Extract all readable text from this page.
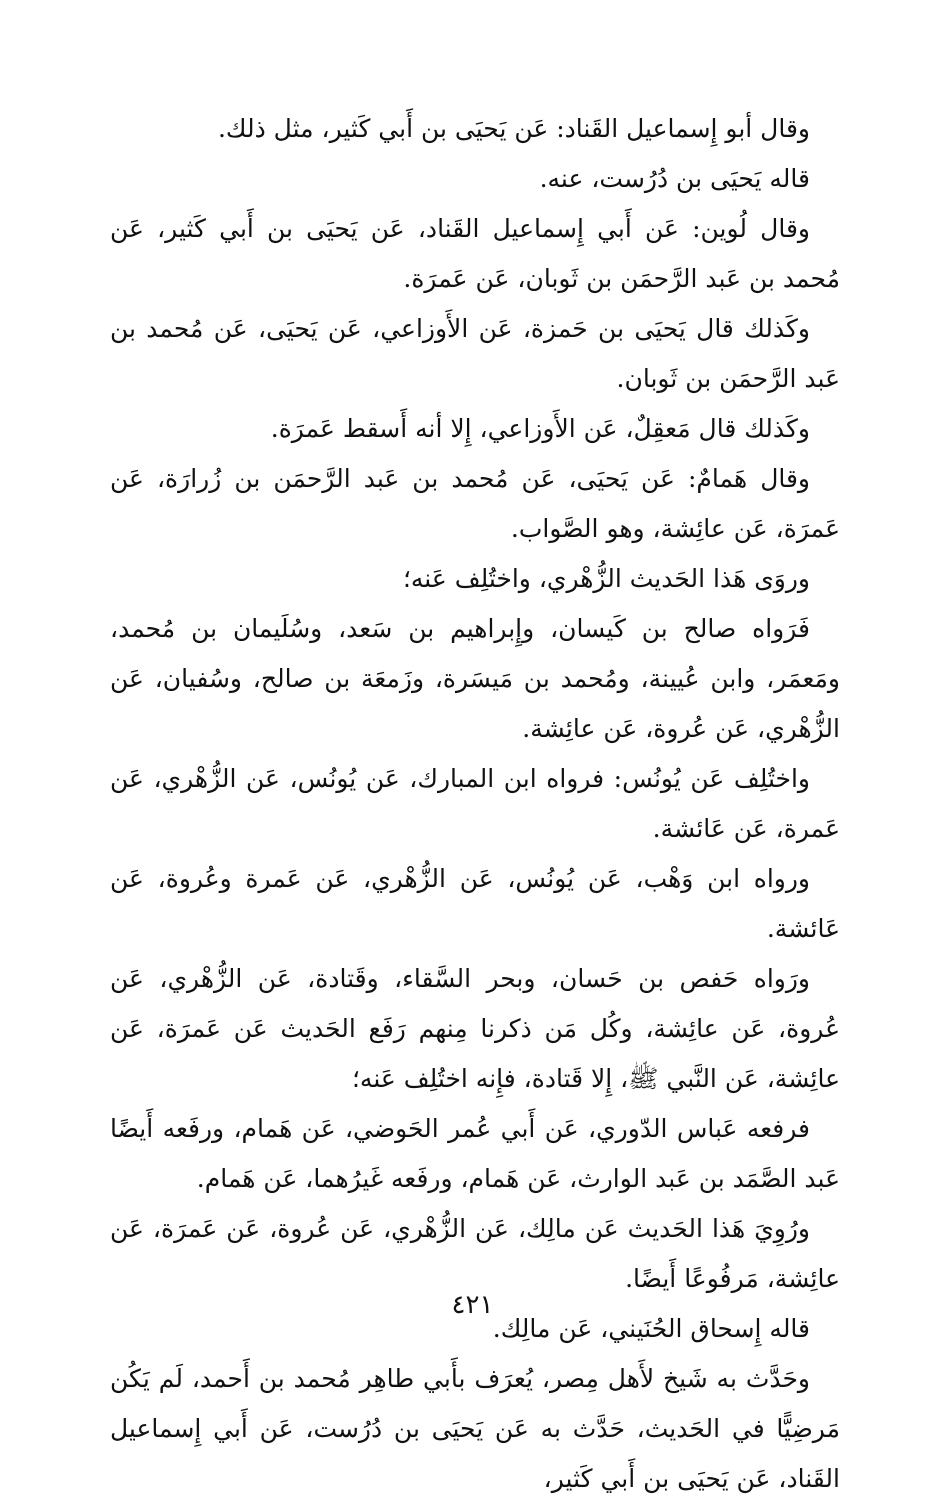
وقال أبو إِسماعيل القَناد: عَن يَحيَى بن أَبي كَثير، مثل ذلك.

قاله يَحيَى بن دُرُست، عنه.

وقال لُوين: عَن أَبي إِسماعيل القَناد، عَن يَحيَى بن أَبي كَثير، عَن مُحمد بن عَبد الرَّحمَن بن ثَوبان، عَن عَمرَة.

وكَذلك قال يَحيَى بن حَمزة، عَن الأَوزاعي، عَن يَحيَى، عَن مُحمد بن عَبد الرَّحمَن بن ثَوبان.

وكَذلك قال مَعقِلٌ، عَن الأَوزاعي، إِلا أنه أَسقط عَمرَة.

وقال هَمامٌ: عَن يَحيَى، عَن مُحمد بن عَبد الرَّحمَن بن زُرارَة، عَن عَمرَة، عَن عائِشة، وهو الصَّواب.

وروَى هَذا الحَديث الزُّهْري، واختُلِف عَنه؛

فَرَواه صالح بن كَيسان، وإِبراهيم بن سَعد، وسُلَيمان بن مُحمد، ومَعمَر، وابن عُيينة، ومُحمد بن مَيسَرة، وزَمعَة بن صالح، وسُفيان، عَن الزُّهْري، عَن عُروة، عَن عائِشة.

واختُلِف عَن يُونُس: فرواه ابن المبارك، عَن يُونُس، عَن الزُّهْري، عَن عَمرة، عَن عَائشة.

ورواه ابن وَهْب، عَن يُونُس، عَن الزُّهْري، عَن عَمرة وعُروة، عَن عَائشة.

ورَواه حَفص بن حَسان، وبحر السَّقاء، وقَتادة، عَن الزُّهْري، عَن عُروة، عَن عائِشة، وكُل مَن ذكرنا مِنهم رَفَع الحَديث عَن عَمرَة، عَن عائِشة، عَن النَّبي ﷺ، إِلا قَتادة، فإِنه اختُلِف عَنه؛

فرفعه عَباس الدّوري، عَن أَبي عُمر الحَوضي، عَن هَمام، ورفَعه أَيضًا عَبد الصَّمَد بن عَبد الوارث، عَن هَمام، ورفَعه غَيرُهما، عَن هَمام.

ورُوِيَ هَذا الحَديث عَن مالِك، عَن الزُّهْري، عَن عُروة، عَن عَمرَة، عَن عائِشة، مَرفُوعًا أَيضًا.

قاله إِسحاق الحُنَيني، عَن مالِك.

وحَدَّث به شَيخ لأَهل مِصر، يُعرَف بأَبي طاهِر مُحمد بن أَحمد، لَم يَكُن مَرضِيًّا في الحَديث، حَدَّث به عَن يَحيَى بن دُرُست، عَن أَبي إِسماعيل القَناد، عَن يَحيَى بن أَبي كَثير،

٤٢١
